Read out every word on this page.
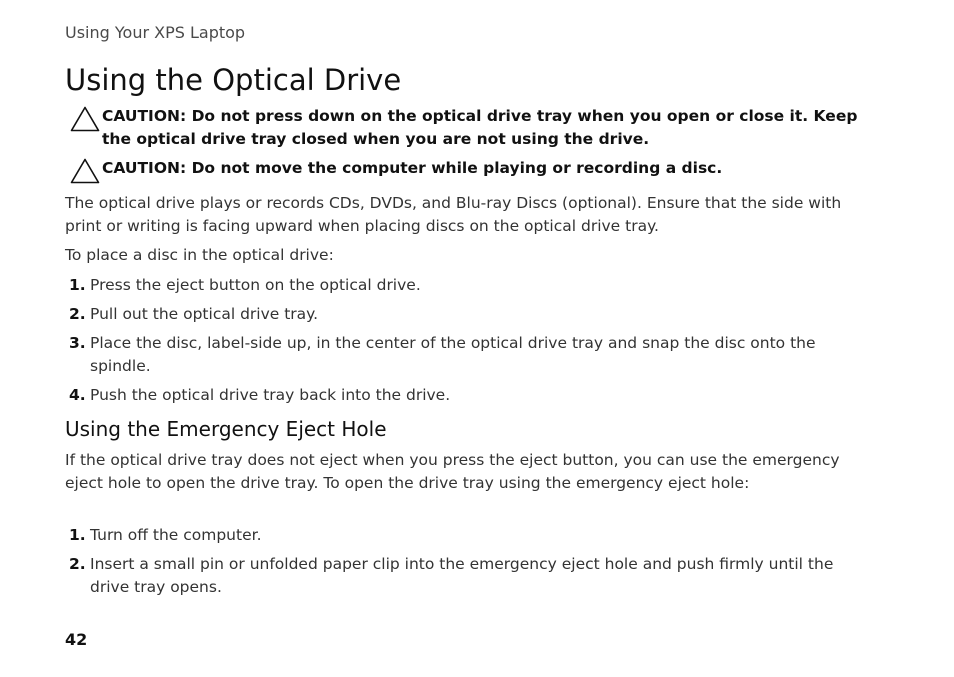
Using Your XPS Laptop
Using the Optical Drive
CAUTION: Do not press down on the optical drive tray when you open or close it. Keep the optical drive tray closed when you are not using the drive.
CAUTION: Do not move the computer while playing or recording a disc.

The optical drive plays or records CDs, DVDs, and Blu-ray Discs (optional). Ensure that the side with print or writing is facing upward when placing discs on the optical drive tray.

To place a disc in the optical drive:

1. Press the eject button on the optical drive.
2. Pull out the optical drive tray.
3. Place the disc, label-side up, in the center of the optical drive tray and snap the disc onto the spindle.
4. Push the optical drive tray back into the drive.
Using the Emergency Eject Hole

If the optical drive tray does not eject when you press the eject button, you can use the emergency eject hole to open the drive tray. To open the drive tray using the emergency eject hole:

1. Turn off the computer.
2. Insert a small pin or unfolded paper clip into the emergency eject hole and push firmly until the drive tray opens.
42
